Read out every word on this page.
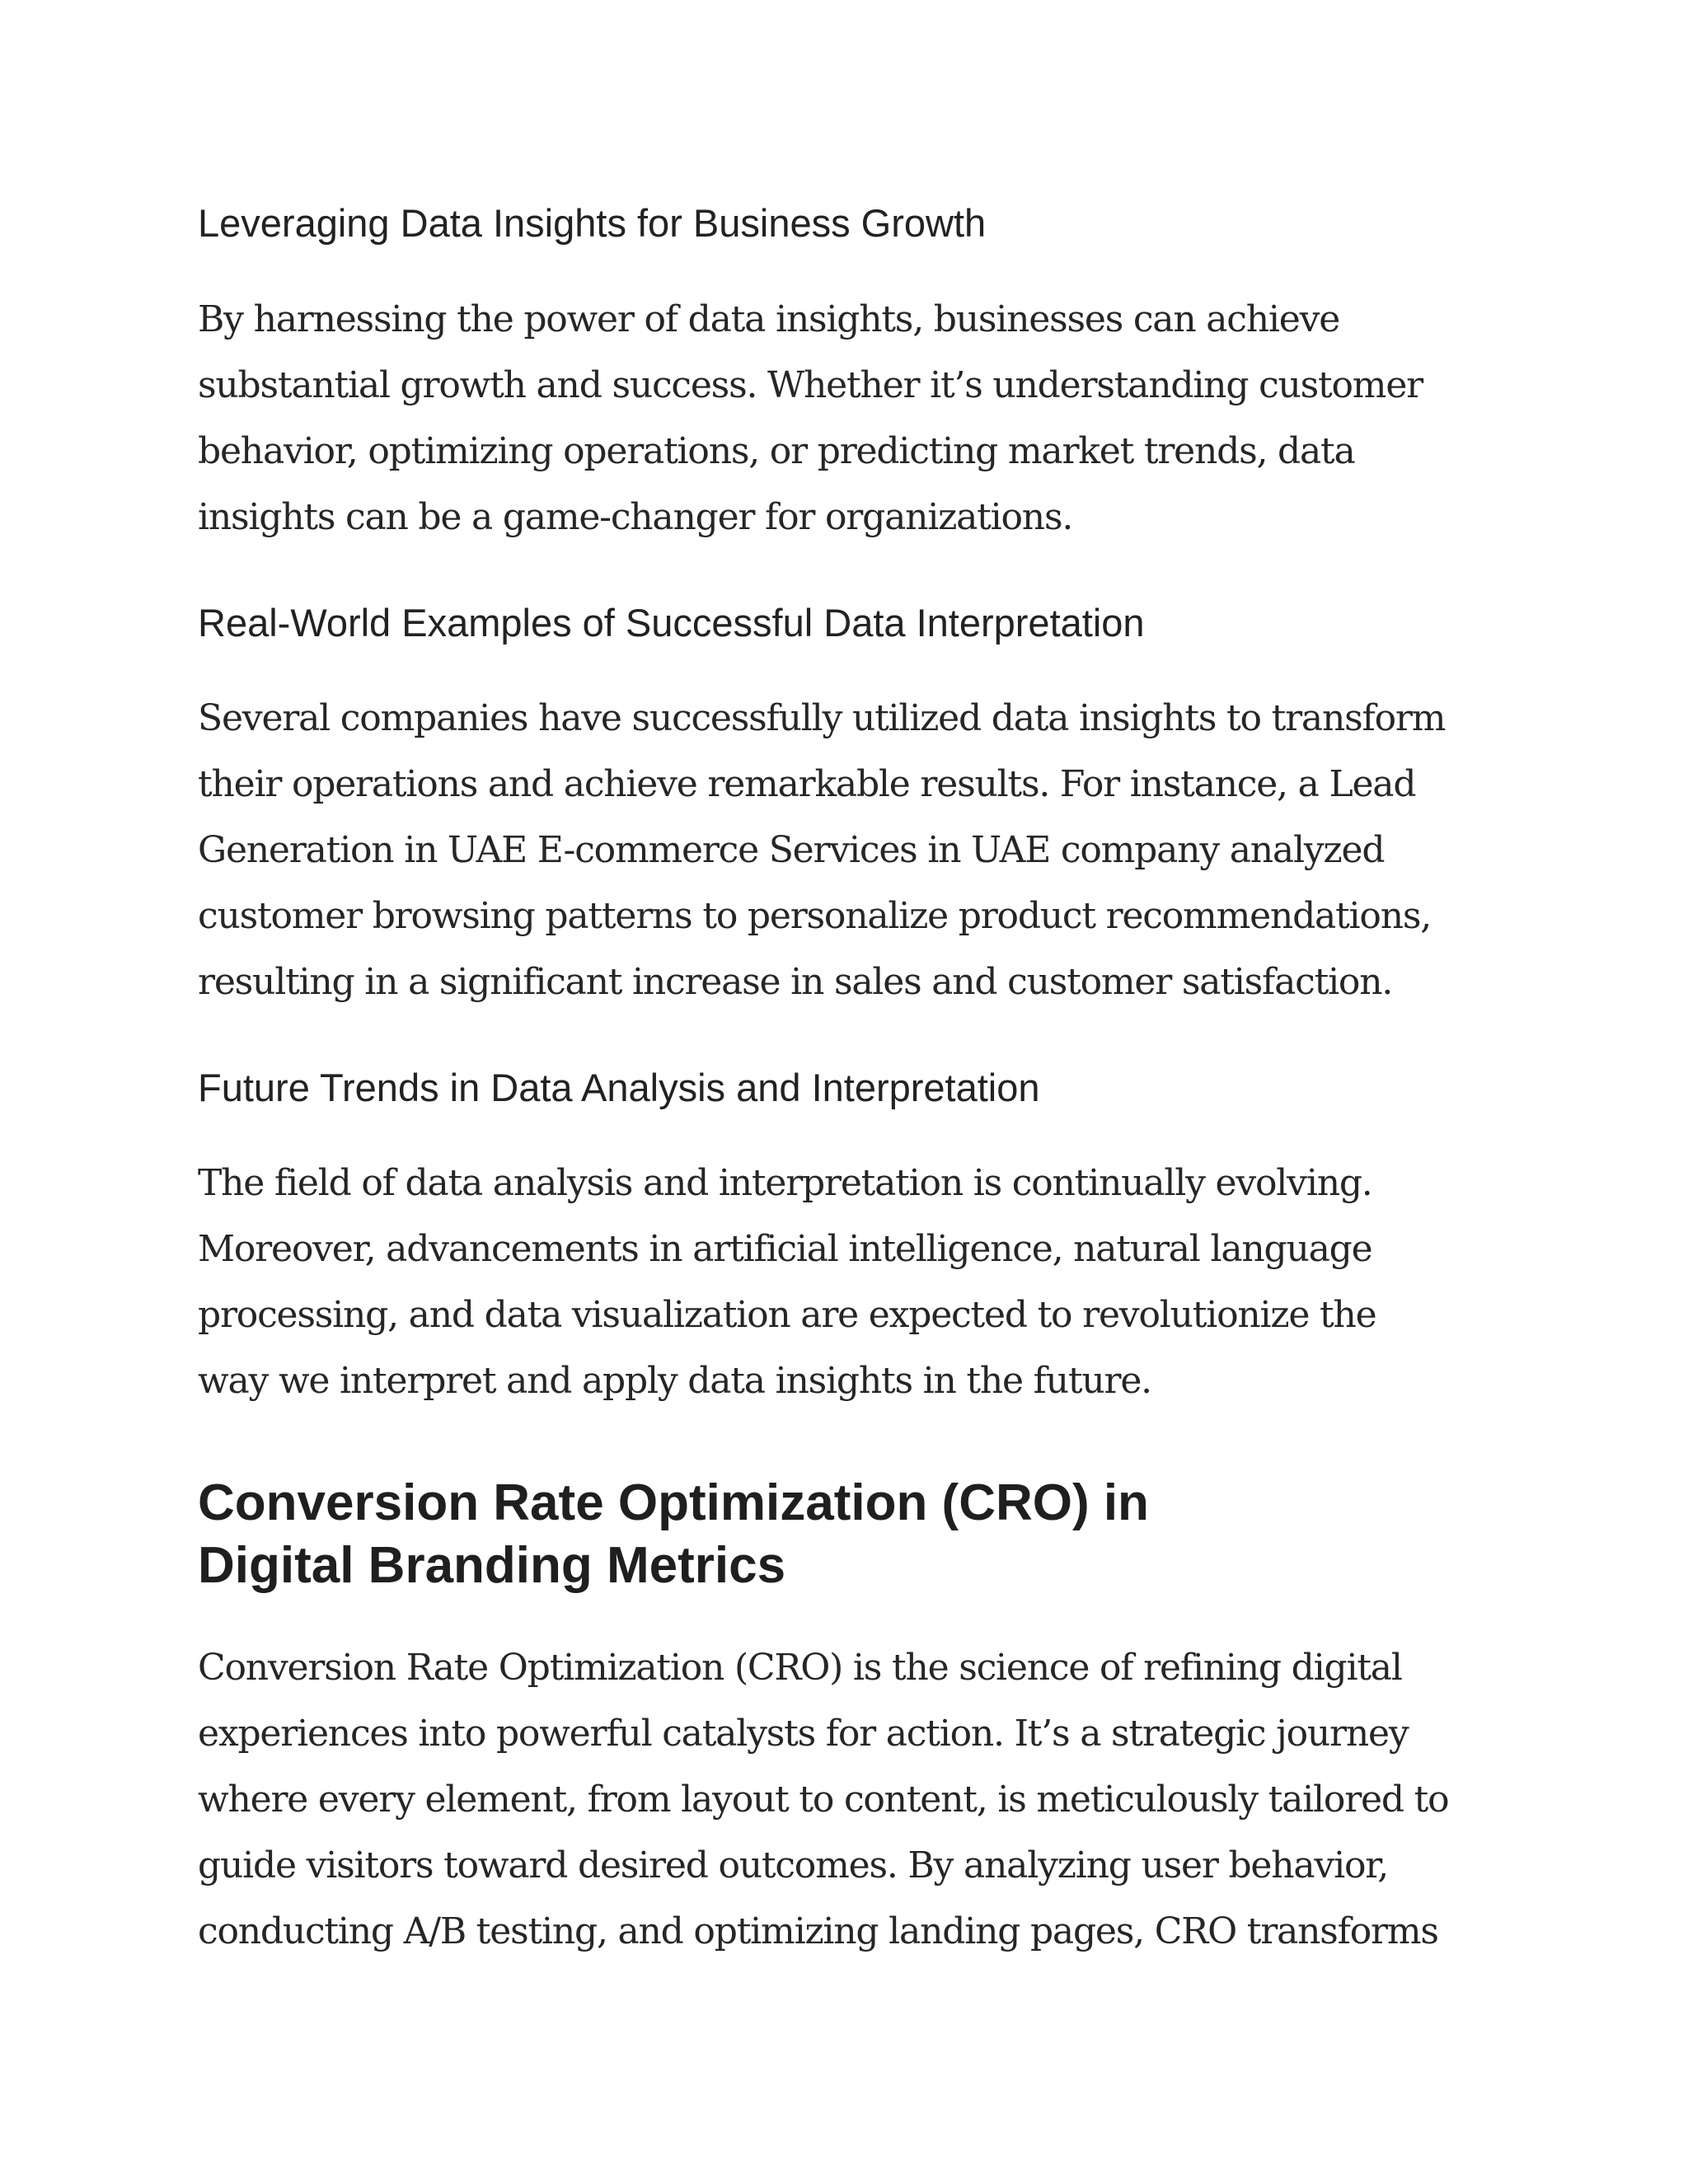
Leveraging Data Insights for Business Growth

By harnessing the power of data insights, businesses can achieve substantial growth and success. Whether it’s understanding customer behavior, optimizing operations, or predicting market trends, data insights can be a game-changer for organizations.

Real-World Examples of Successful Data Interpretation

Several companies have successfully utilized data insights to transform their operations and achieve remarkable results. For instance, a Lead Generation in UAE E-commerce Services in UAE company analyzed customer browsing patterns to personalize product recommendations, resulting in a significant increase in sales and customer satisfaction.

Future Trends in Data Analysis and Interpretation

The field of data analysis and interpretation is continually evolving. Moreover, advancements in artificial intelligence, natural language processing, and data visualization are expected to revolutionize the way we interpret and apply data insights in the future.

Conversion Rate Optimization (CRO) in Digital Branding Metrics

Conversion Rate Optimization (CRO) is the science of refining digital experiences into powerful catalysts for action. It’s a strategic journey where every element, from layout to content, is meticulously tailored to guide visitors toward desired outcomes. By analyzing user behavior, conducting A/B testing, and optimizing landing pages, CRO transforms
